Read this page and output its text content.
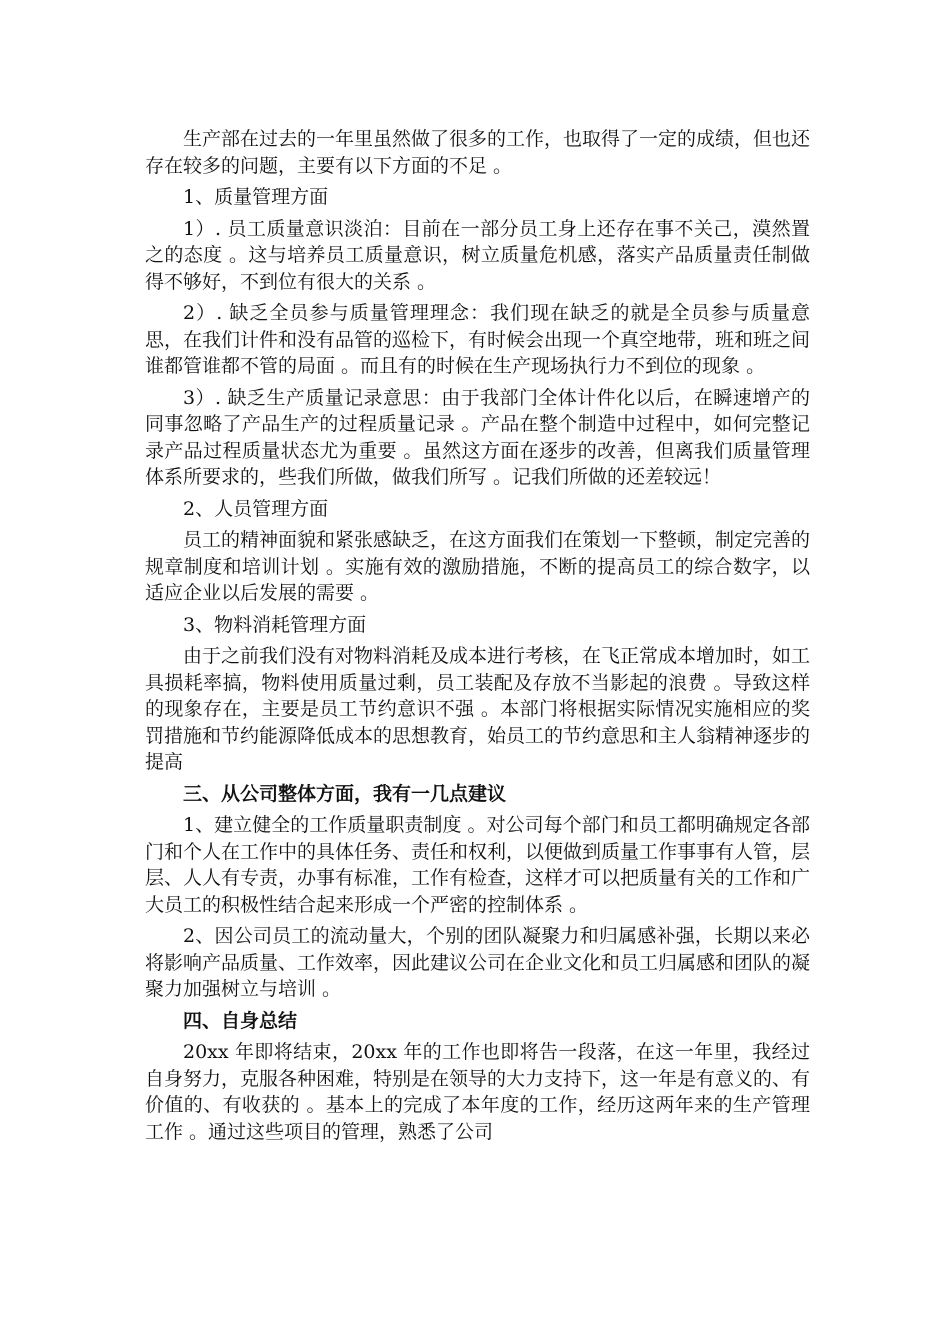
生产部在过去的一年里虽然做了很多的工作，也取得了一定的成绩，但也还存在较多的问题，主要有以下方面的不足 。

1、质量管理方面

1）. 员工质量意识淡泊：目前在一部分员工身上还存在事不关己，漠然置之的态度 。这与培养员工质量意识，树立质量危机感，落实产品质量责任制做得不够好，不到位有很大的关系 。

2）. 缺乏全员参与质量管理理念：我们现在缺乏的就是全员参与质量意思，在我们计件和没有品管的巡检下，有时候会出现一个真空地带，班和班之间谁都管谁都不管的局面 。而且有的时候在生产现场执行力不到位的现象 。

3）. 缺乏生产质量记录意思：由于我部门全体计件化以后，在瞬速增产的同事忽略了产品生产的过程质量记录 。产品在整个制造中过程中，如何完整记录产品过程质量状态尤为重要 。虽然这方面在逐步的改善，但离我们质量管理体系所要求的，些我们所做，做我们所写 。记我们所做的还差较远！

2、人员管理方面

员工的精神面貌和紧张感缺乏，在这方面我们在策划一下整顿，制定完善的规章制度和培训计划 。实施有效的激励措施，不断的提高员工的综合数字，以适应企业以后发展的需要 。

3、物料消耗管理方面

由于之前我们没有对物料消耗及成本进行考核，在飞正常成本增加时，如工具损耗率搞，物料使用质量过剩，员工装配及存放不当影起的浪费 。导致这样的现象存在，主要是员工节约意识不强 。本部门将根据实际情况实施相应的奖罚措施和节约能源降低成本的思想教育，始员工的节约意思和主人翁精神逐步的提高

三、从公司整体方面，我有一几点建议

1、建立健全的工作质量职责制度 。对公司每个部门和员工都明确规定各部门和个人在工作中的具体任务、责任和权利，以便做到质量工作事事有人管，层层、人人有专责，办事有标准，工作有检查，这样才可以把质量有关的工作和广大员工的积极性结合起来形成一个严密的控制体系 。

2、因公司员工的流动量大，个别的团队凝聚力和归属感补强，长期以来必将影响产品质量、工作效率，因此建议公司在企业文化和员工归属感和团队的凝聚力加强树立与培训 。

四、自身总结

20xx 年即将结束，20xx 年的工作也即将告一段落，在这一年里，我经过自身努力，克服各种困难，特别是在领导的大力支持下，这一年是有意义的、有价值的、有收获的 。基本上的完成了本年度的工作，经历这两年来的生产管理工作 。通过这些项目的管理，熟悉了公司
